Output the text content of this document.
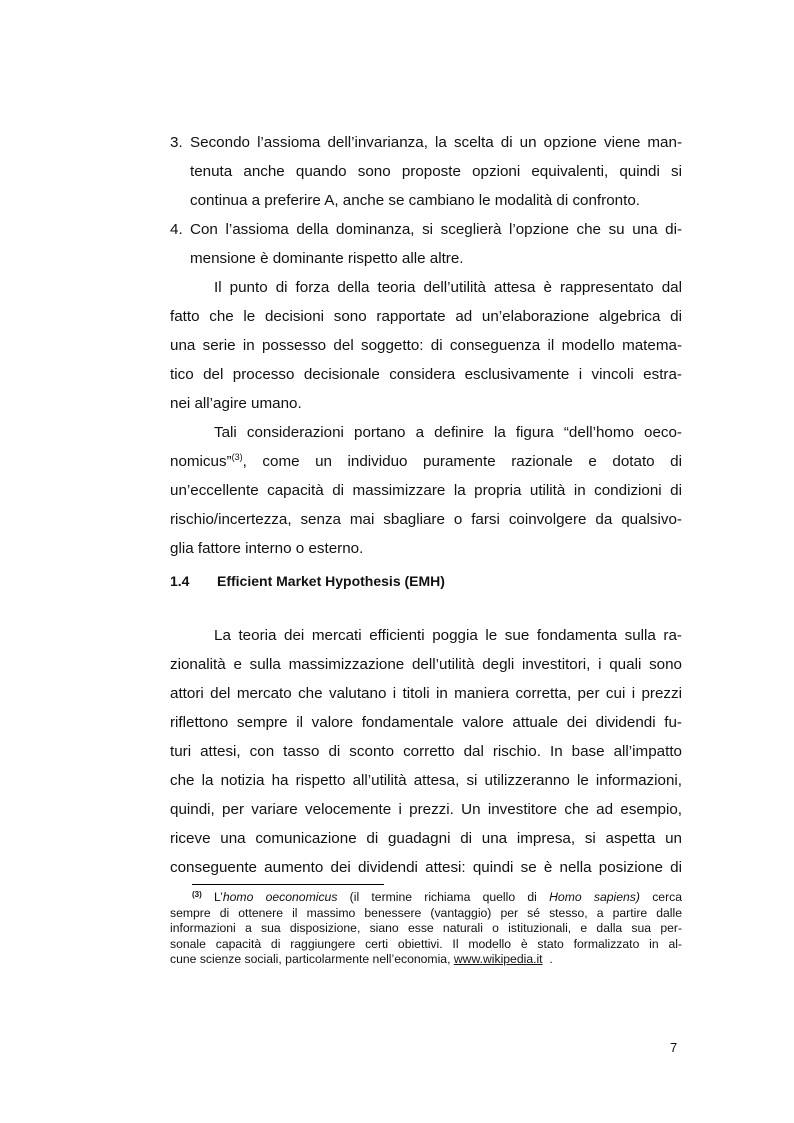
3. Secondo l’assioma dell’invarianza, la scelta di un opzione viene man-
tenuta anche quando sono proposte opzioni equivalenti, quindi si
continua a preferire A, anche se cambiano le modalità di confronto.
4. Con l’assioma della dominanza, si sceglierà l’opzione che su una di-
mensione è dominante rispetto alle altre.
Il punto di forza della teoria dell’utilità attesa è rappresentato dal
fatto che le decisioni sono rapportate ad un’elaborazione algebrica di
una serie in possesso del soggetto: di conseguenza il modello matema-
tico del processo decisionale considera esclusivamente i vincoli estra-
nei all’agire umano.
Tali considerazioni portano a definire la figura “dell’homo oeco-
nomicus”$^{(3)}$, come un individuo puramente razionale e dotato di
un’eccellente capacità di massimizzare la propria utilità in condizioni di
rischio/incertezza, senza mai sbagliare o farsi coinvolgere da qualsivo-
glia fattore interno o esterno.
1.4 Efficient Market Hypothesis (EMH)
La teoria dei mercati efficienti poggia le sue fondamenta sulla ra-
zionalità e sulla massimizzazione dell’utilità degli investitori, i quali sono
attori del mercato che valutano i titoli in maniera corretta, per cui i prezzi
riflettono sempre il valore fondamentale valore attuale dei dividendi fu-
turi attesi, con tasso di sconto corretto dal rischio. In base all’impatto
che la notizia ha rispetto all’utilità attesa, si utilizzeranno le informazioni,
quindi, per variare velocemente i prezzi. Un investitore che ad esempio,
riceve una comunicazione di guadagni di una impresa, si aspetta un
conseguente aumento dei dividendi attesi: quindi se è nella posizione di
$^{(3)}$ L’homo oeconomicus (il termine richiama quello di Homo sapiens) cerca
sempre di ottenere il massimo benessere (vantaggio) per sé stesso, a partire dalle
informazioni a sua disposizione, siano esse naturali o istituzionali, e dalla sua per-
sonale capacità di raggiungere certi obiettivi. Il modello è stato formalizzato in al-
cune scienze sociali, particolarmente nell’economia, www.wikipedia.it  .
7
